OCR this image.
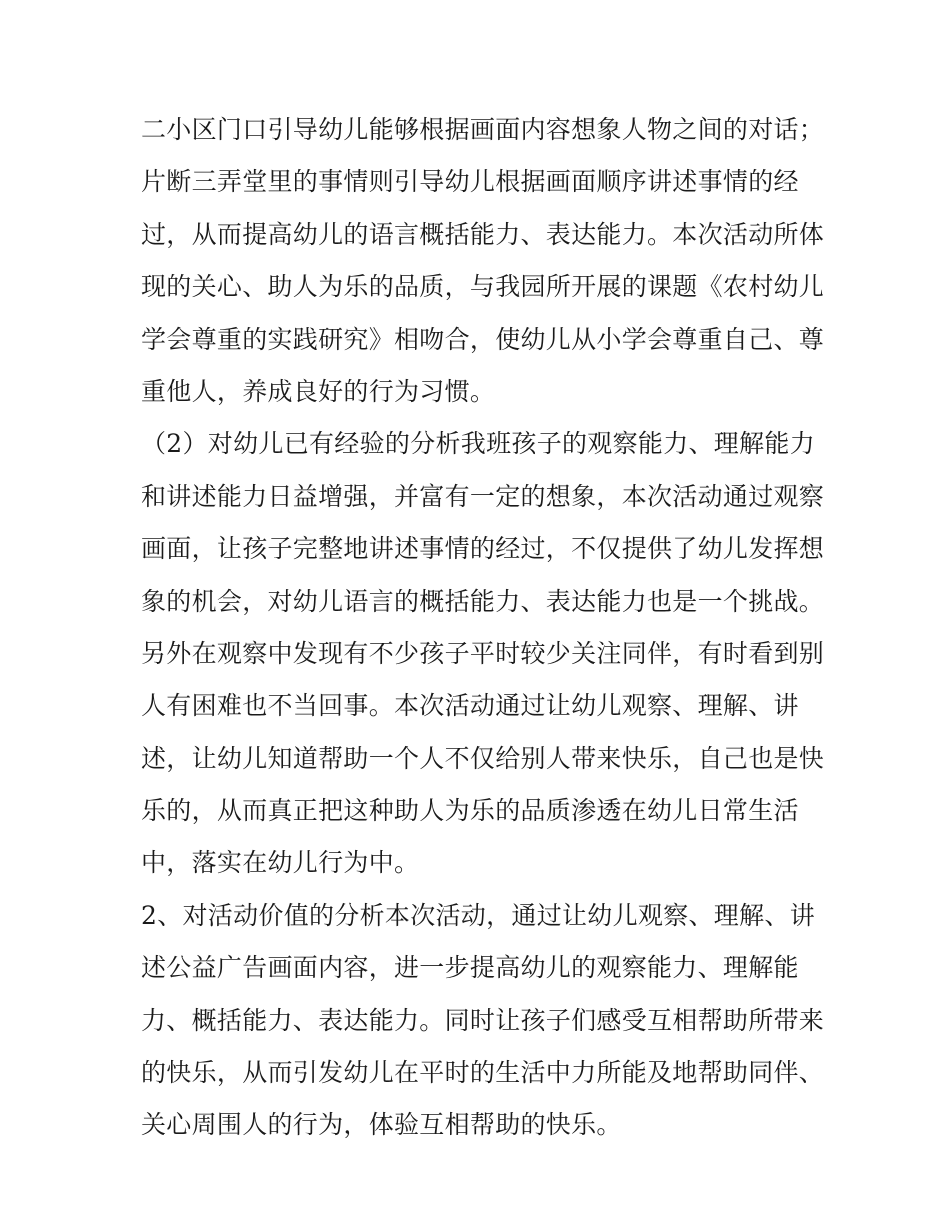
二小区门口引导幼儿能够根据画面内容想象人物之间的对话；
片断三弄堂里的事情则引导幼儿根据画面顺序讲述事情的经
过，从而提高幼儿的语言概括能力、表达能力。本次活动所体
现的关心、助人为乐的品质，与我园所开展的课题《农村幼儿
学会尊重的实践研究》相吻合，使幼儿从小学会尊重自己、尊
重他人，养成良好的行为习惯。
（2）对幼儿已有经验的分析我班孩子的观察能力、理解能力
和讲述能力日益增强，并富有一定的想象，本次活动通过观察
画面，让孩子完整地讲述事情的经过，不仅提供了幼儿发挥想
象的机会，对幼儿语言的概括能力、表达能力也是一个挑战。
另外在观察中发现有不少孩子平时较少关注同伴，有时看到别
人有困难也不当回事。本次活动通过让幼儿观察、理解、讲
述，让幼儿知道帮助一个人不仅给别人带来快乐，自己也是快
乐的，从而真正把这种助人为乐的品质渗透在幼儿日常生活
中，落实在幼儿行为中。
2、对活动价值的分析本次活动，通过让幼儿观察、理解、讲
述公益广告画面内容，进一步提高幼儿的观察能力、理解能
力、概括能力、表达能力。同时让孩子们感受互相帮助所带来
的快乐，从而引发幼儿在平时的生活中力所能及地帮助同伴、
关心周围人的行为，体验互相帮助的快乐。
